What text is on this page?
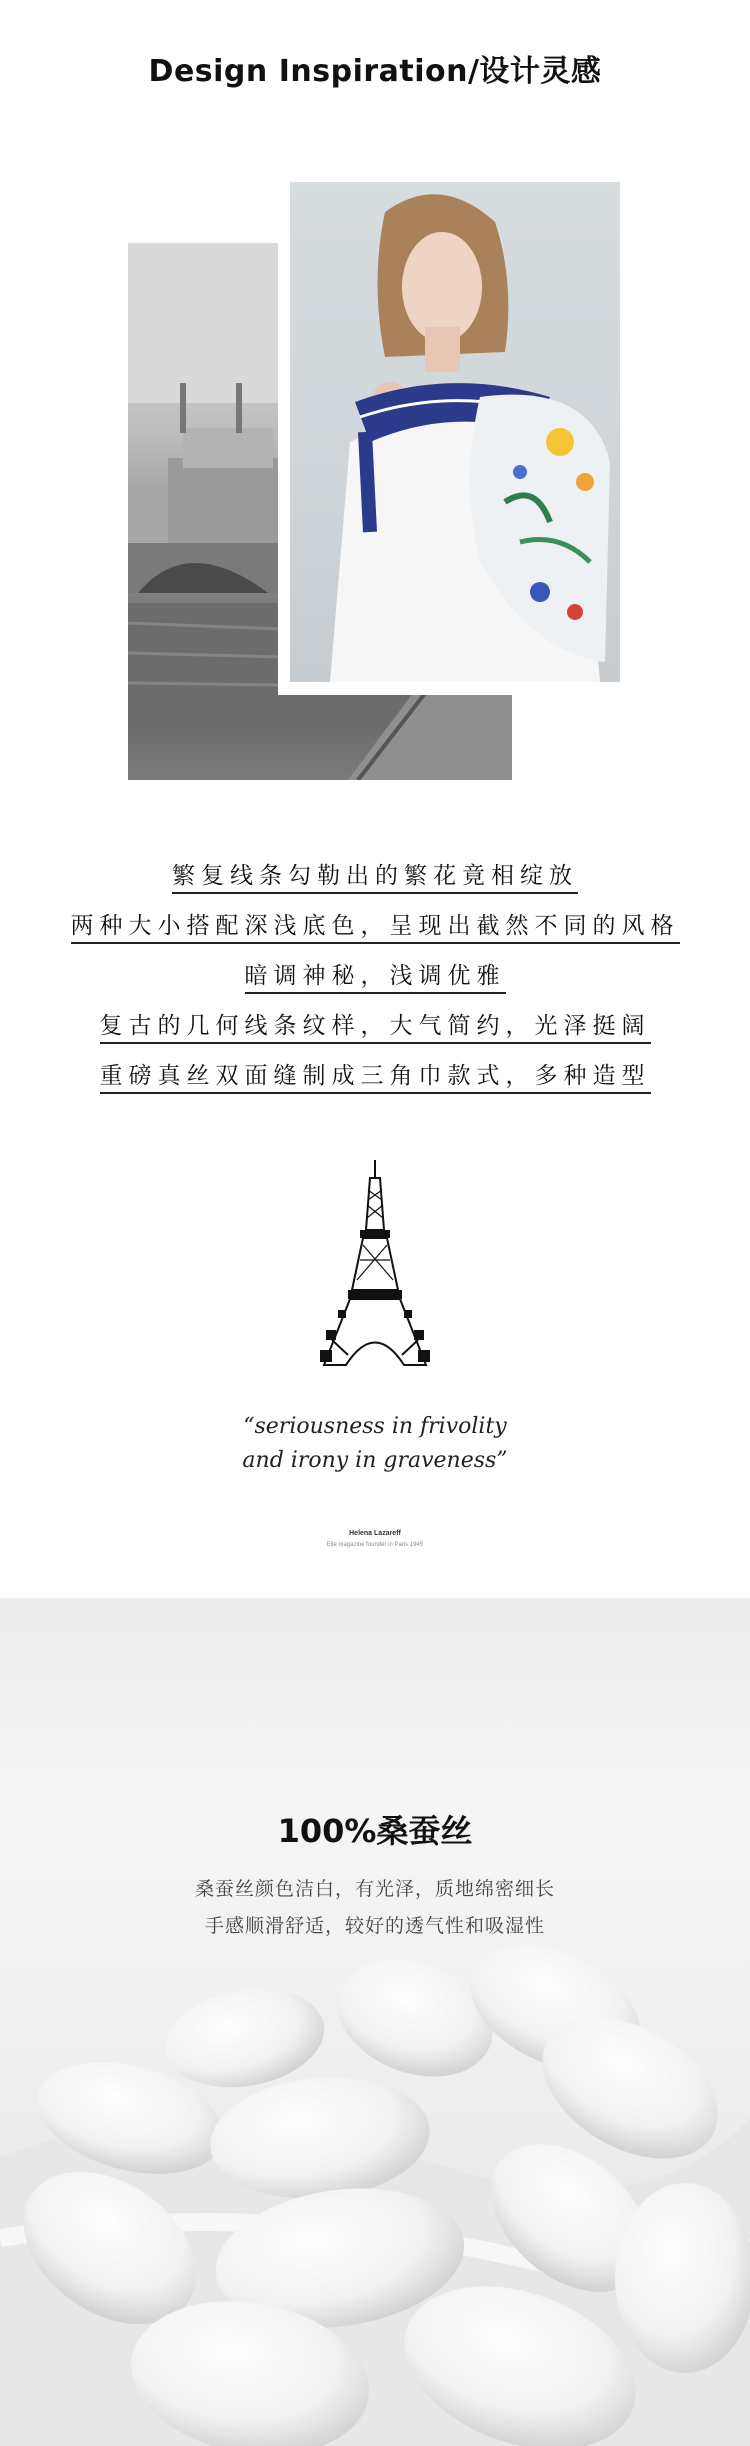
Design Inspiration/设计灵感
繁复线条勾勒出的繁花竟相绽放
两种大小搭配深浅底色，呈现出截然不同的风格
暗调神秘，浅调优雅
复古的几何线条纹样，大气简约，光泽挺阔
重磅真丝双面缝制成三角巾款式，多种造型
“seriousness in frivolity
and irony in graveness”
Helena Lazareff
Elle magazine founder in Paris 1945
100%桑蚕丝
桑蚕丝颜色洁白，有光泽，质地绵密细长
手感顺滑舒适，较好的透气性和吸湿性
